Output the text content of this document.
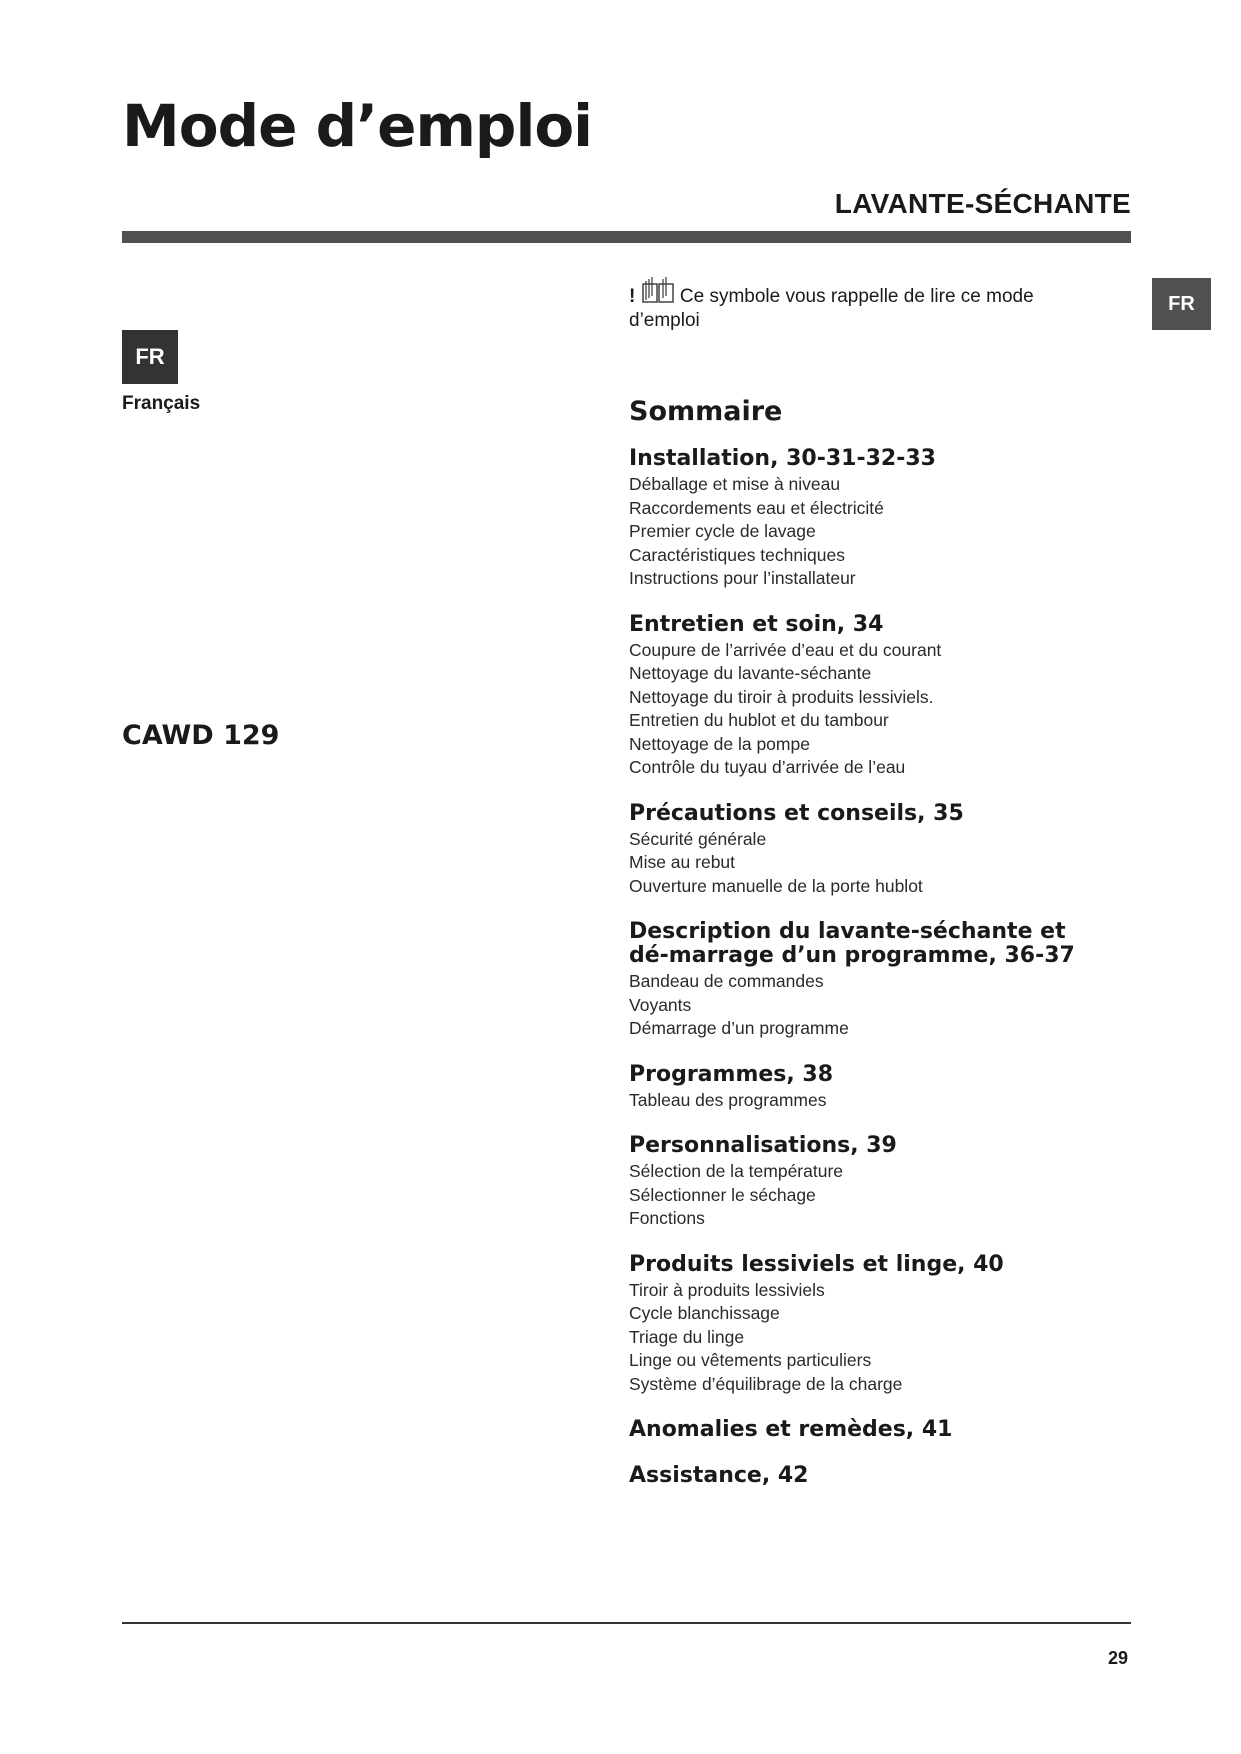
Mode d’emploi
LAVANTE-SÉCHANTE
FR
FR
Français
CAWD 129
! Ce symbole vous rappelle de lire ce mode d’emploi
Sommaire
Installation, 30-31-32-33
Déballage et mise à niveau
Raccordements eau et électricité
Premier cycle de lavage
Caractéristiques techniques
Instructions pour l’installateur
Entretien et soin, 34
Coupure de l’arrivée d’eau et du courant
Nettoyage du lavante-séchante
Nettoyage du tiroir à produits lessiviels.
Entretien du hublot et du tambour
Nettoyage de la pompe
Contrôle du tuyau d’arrivée de l’eau
Précautions et conseils, 35
Sécurité générale
Mise au rebut
Ouverture manuelle de la porte hublot
Description du lavante-séchante et dé-marrage d’un programme, 36-37
Bandeau de commandes
Voyants
Démarrage d’un programme
Programmes, 38
Tableau des programmes
Personnalisations, 39
Sélection de la température
Sélectionner le séchage
Fonctions
Produits lessiviels et linge, 40
Tiroir à produits lessiviels
Cycle blanchissage
Triage du linge
Linge ou vêtements particuliers
Système d’équilibrage de la charge
Anomalies et remèdes, 41
Assistance, 42
29
